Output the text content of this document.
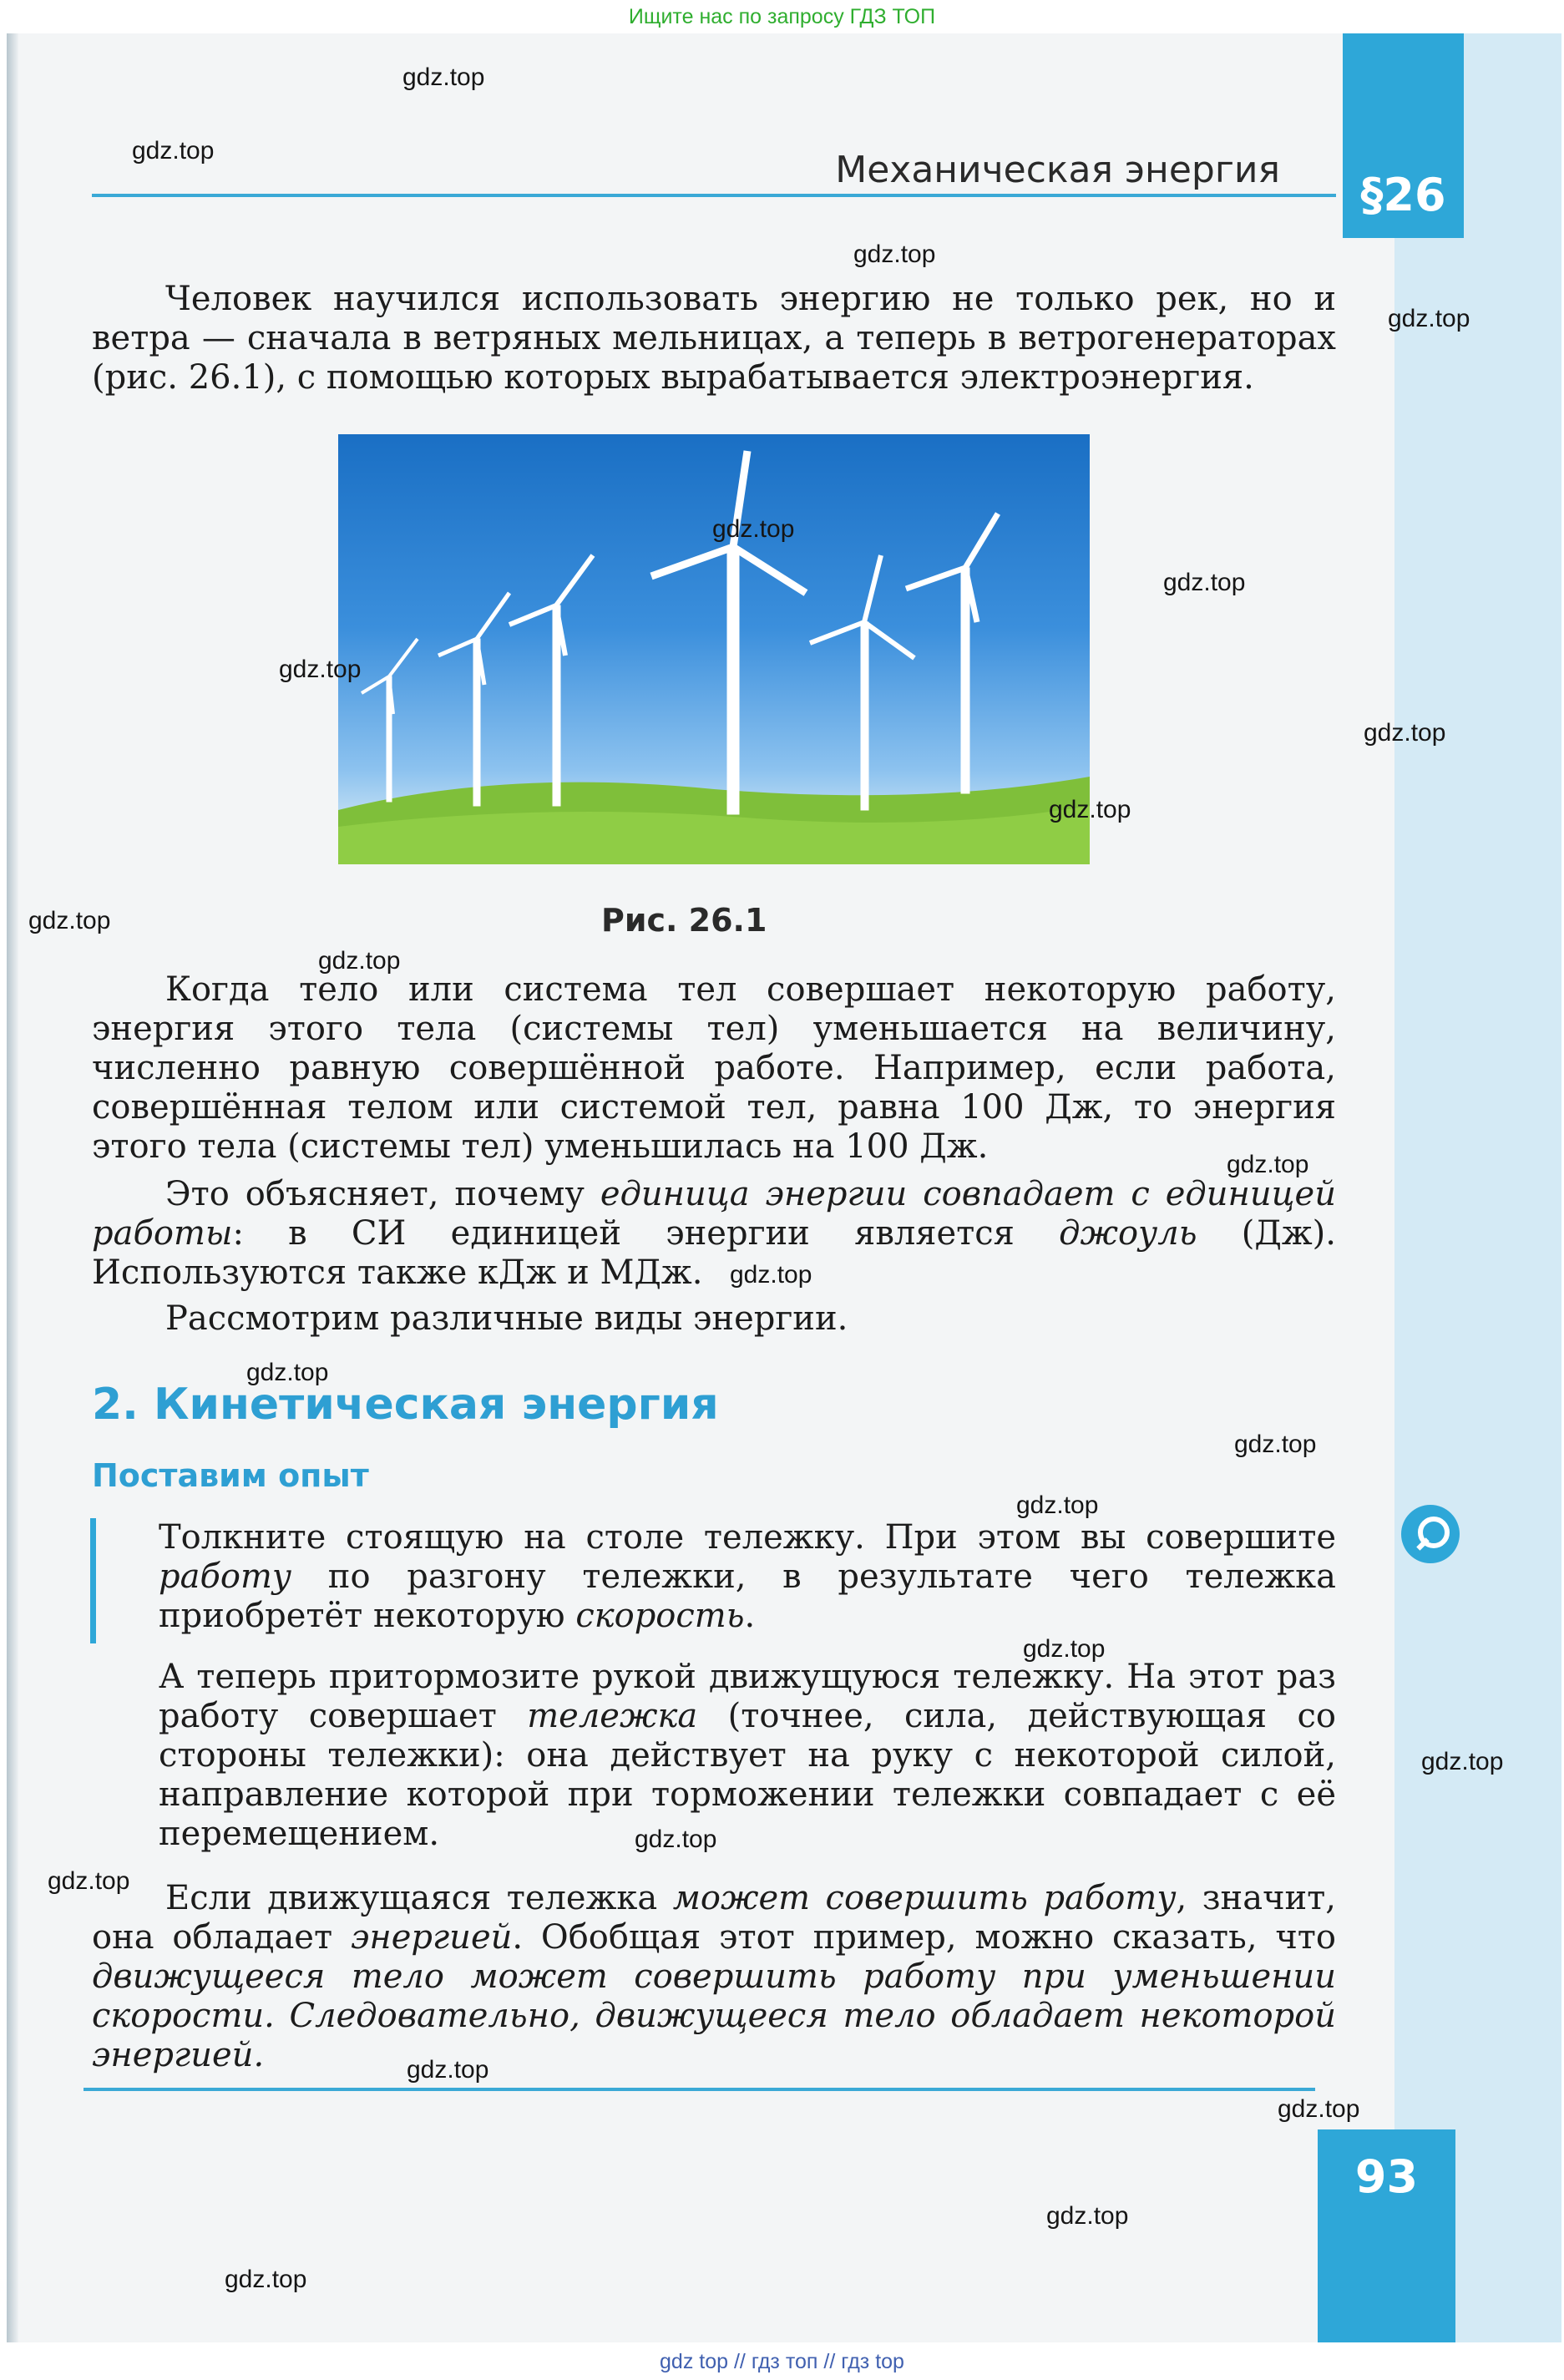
Ищите нас по запросу ГДЗ ТОП
§26
93
Механическая энергия

Человек научился использовать энергию не только рек, но и ветра — сначала в ветряных мельницах, а теперь в ветрогенераторах (рис. 26.1), с помощью которых вырабатывается электроэнергия.

Рис. 26.1

Когда тело или система тел совершает некоторую работу, энергия этого тела (системы тел) уменьшается на величину, численно равную совершённой работе. Например, если работа, совершённая телом или системой тел, равна 100 Дж, то энергия этого тела (системы тел) уменьшилась на 100 Дж.

Это объясняет, почему единица энергии совпадает с единицей работы: в СИ единицей энергии является джоуль (Дж). Используются также кДж и МДж.

Рассмотрим различные виды энергии.

2. Кинетическая энергия
Поставим опыт

Толкните стоящую на столе тележку. При этом вы совершите работу по разгону тележки, в результате чего тележка приобретёт некоторую скорость.

А теперь притормозите рукой движущуюся тележку. На этот раз работу совершает тележка (точнее, сила, действующая со стороны тележки): она действует на руку с некоторой силой, направление которой при торможении тележки совпадает с её перемещением.

Если движущаяся тележка может совершить работу, значит, она обладает энергией. Обобщая этот пример, можно сказать, что движущееся тело может совершить работу при уменьшении скорости. Следовательно, движущееся тело обладает некоторой энергией.

gdz.top
gdz.top
gdz.top
gdz.top
gdz.top
gdz.top
gdz.top
gdz.top
gdz.top
gdz.top
gdz.top
gdz.top
gdz.top
gdz.top
gdz.top
gdz.top
gdz.top
gdz.top
gdz.top
gdz.top
gdz.top
gdz.top
gdz.top
gdz.top
gdz top // гдз топ // гдз top
